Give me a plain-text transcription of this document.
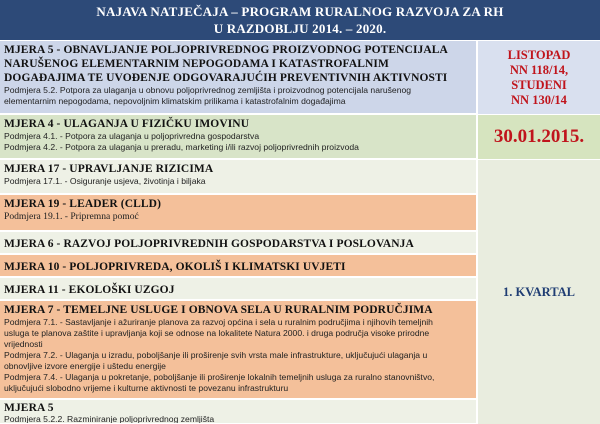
NAJAVA NATJEČAJA – PROGRAM RURALNOG RAZVOJA ZA RH
U RAZDOBLJU 2014. – 2020.
MJERA 5 - OBNAVLJANJE POLJOPRIVREDNOG PROIZVODNOG POTENCIJALA
NARUŠENOG ELEMENTARNIM NEPOGODAMA I KATASTROFALNIM
DOGAĐAJIMA TE UVOĐENJE ODGOVARAJUĆIH PREVENTIVNIH AKTIVNOSTI
Podmjera 5.2. Potpora za ulaganja u obnovu poljoprivrednog zemljišta i proizvodnog potencijala narušenog
elementarnim nepogodama, nepovoljnim klimatskim prilikama i katastrofalnim događajima
LISTOPAD
NN 118/14,
STUDENI
NN 130/14
MJERA 4 - ULAGANJA U FIZIČKU IMOVINU
Podmjera 4.1. - Potpora za ulaganja u poljoprivredna gospodarstva
Podmjera 4.2. - Potpora za ulaganja u preradu, marketing i/ili razvoj poljoprivrednih proizvoda	30.01.2015.
MJERA 17 - UPRAVLJANJE RIZICIMA
Podmjera 17.1. - Osiguranje usjeva, životinja i biljaka
MJERA 19 - LEADER (CLLD)
Podmjera 19.1. - Pripremna pomoć
MJERA 6 - RAZVOJ POLJOPRIVREDNIH GOSPODARSTVA I POSLOVANJA
MJERA 10 - POLJOPRIVREDA, OKOLIŠ I KLIMATSKI UVJETI
MJERA 11 - EKOLOŠKI UZGOJ
MJERA 7 - TEMELJNE USLUGE I OBNOVA SELA U RURALNIM PODRUČJIMA
Podmjera 7.1. - Sastavljanje i ažuriranje planova za razvoj općina i sela u ruralnim područjima i njihovih temeljnih
usluga te planova zaštite i upravljanja koji se odnose na lokalitete Natura 2000. i druga područja visoke prirodne
vrijednosti
Podmjera 7.2. - Ulaganja u izradu, poboljšanje ili proširenje svih vrsta male infrastrukture, uključujući ulaganja u
obnovljive izvore energije i uštedu energije
Podmjera 7.4. - Ulaganja u pokretanje, poboljšanje ili proširenje lokalnih temeljnih usluga za ruralno stanovništvo,
uključujući slobodno vrijeme i kulturne aktivnosti te povezanu infrastrukturu
MJERA 5
Podmjera 5.2.2. Razminiranje poljoprivrednog zemljišta
1. KVARTAL
